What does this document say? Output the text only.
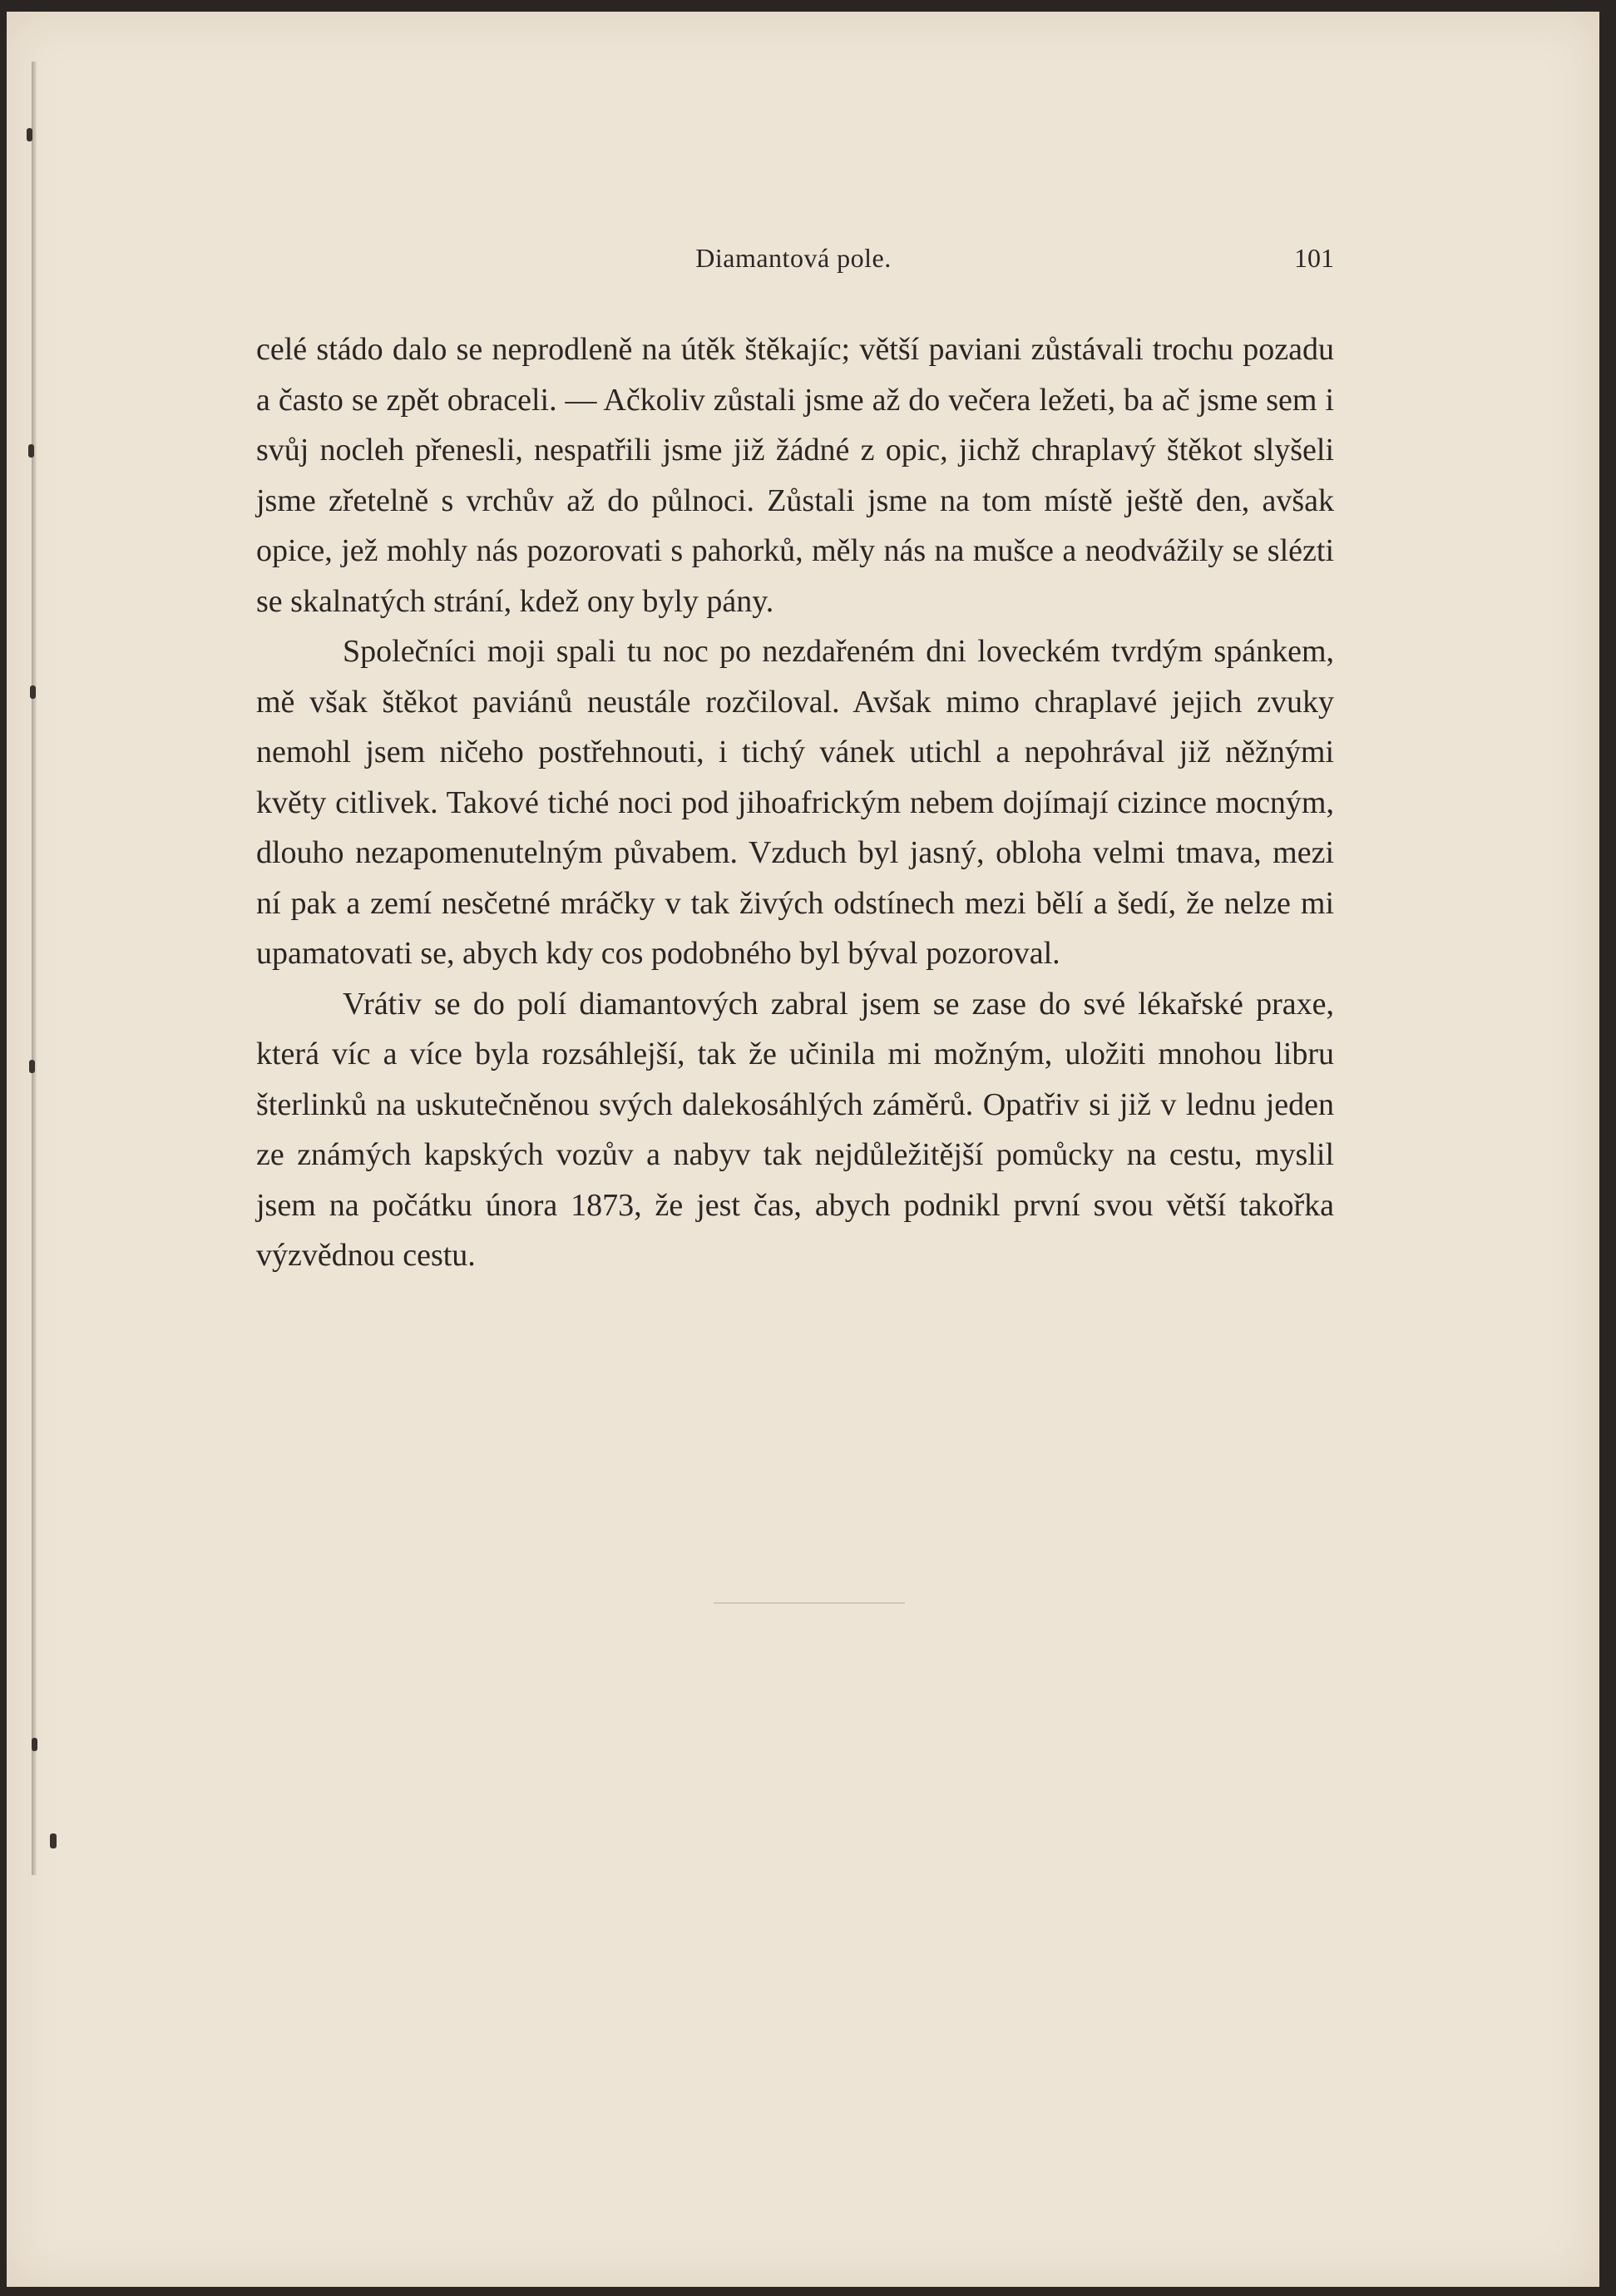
Diamantová pole.	101

celé stádo dalo se neprodleně na útěk štěkajíc; větší paviani zůstávali trochu pozadu a často se zpět obraceli. — Ačkoliv zůstali jsme až do večera ležeti, ba ač jsme sem i svůj nocleh přenesli, nespatřili jsme již žádné z opic, jichž chraplavý štěkot slyšeli jsme zřetelně s vrchův až do půlnoci. Zůstali jsme na tom místě ještě den, avšak opice, jež mohly nás pozorovati s pahorků, měly nás na mušce a neodvážily se slézti se skalnatých strání, kdež ony byly pány.

Společníci moji spali tu noc po nezdařeném dni loveckém tvrdým spánkem, mě však štěkot paviánů neustále rozčiloval. Avšak mimo chraplavé jejich zvuky nemohl jsem ničeho postřehnouti, i tichý vánek utichl a nepohrával již něžnými květy citlivek. Takové tiché noci pod jihoafrickým nebem dojímají cizince mocným, dlouho nezapomenutelným půvabem. Vzduch byl jasný, obloha velmi tmava, mezi ní pak a zemí nesčetné mráčky v tak živých odstínech mezi bělí a šedí, že nelze mi upamatovati se, abych kdy cos podobného byl býval pozoroval.

Vrátiv se do polí diamantových zabral jsem se zase do své lékařské praxe, která víc a více byla rozsáhlejší, tak že učinila mi možným, uložiti mnohou libru šterlinků na uskutečněnou svých dalekosáhlých záměrů. Opatřiv si již v lednu jeden ze známých kapských vozův a nabyv tak nejdůležitější pomůcky na cestu, myslil jsem na počátku února 1873, že jest čas, abych podnikl první svou větší takořka výzvědnou cestu.
